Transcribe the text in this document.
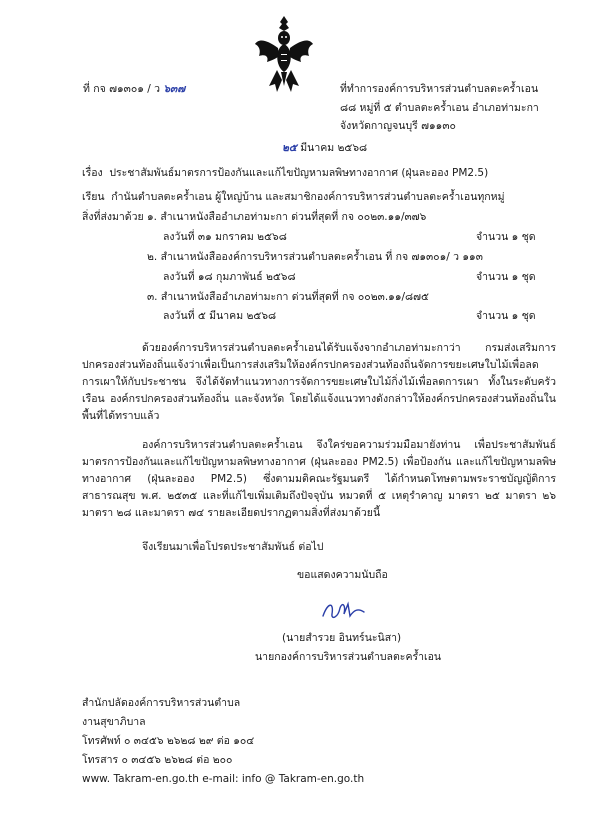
ที่ กจ ๗๑๓๐๑ / ว ๖๓๗	ที่ทำการองค์การบริหารส่วนตำบลตะคร้ำเอน
๘๘ หมู่ที่ ๕ ตำบลตะคร้ำเอน อำเภอท่ามะกา
จังหวัดกาญจนบุรี ๗๑๑๓๐
๒๕ มีนาคม ๒๕๖๘
เรื่อง ประชาสัมพันธ์มาตรการป้องกันและแก้ไขปัญหามลพิษทางอากาศ (ฝุ่นละออง PM2.5)
เรียน กำนันตำบลตะคร้ำเอน ผู้ใหญ่บ้าน และสมาชิกองค์การบริหารส่วนตำบลตะคร้ำเอนทุกหมู่
สิ่งที่ส่งมาด้วย ๑. สำเนาหนังสืออำเภอท่ามะกา ด่วนที่สุดที่ กจ ๐๐๒๓.๑๑/๓๗๖
ลงวันที่ ๓๑ มกราคม ๒๕๖๘	จำนวน ๑ ชุด
๒. สำเนาหนังสือองค์การบริหารส่วนตำบลตะคร้ำเอน ที่ กจ ๗๑๓๐๑/ ว ๑๑๓
ลงวันที่ ๑๘ กุมภาพันธ์ ๒๕๖๘	จำนวน ๑ ชุด
๓. สำเนาหนังสืออำเภอท่ามะกา ด่วนที่สุดที่ กจ ๐๐๒๓.๑๑/๘๗๕
ลงวันที่ ๕ มีนาคม ๒๕๖๘	จำนวน ๑ ชุด
ด้วยองค์การบริหารส่วนตำบลตะคร้ำเอนได้รับแจ้งจากอำเภอท่ามะกาว่า กรมส่งเสริมการปกครองส่วนท้องถิ่นแจ้งว่าเพื่อเป็นการส่งเสริมให้องค์กรปกครองส่วนท้องถิ่นจัดการขยะเศษใบไม้เพื่อลดการเผาให้กับประชาชน จึงได้จัดทำแนวทางการจัดการขยะเศษใบไม้กิ่งไม้เพื่อลดการเผา ทั้งในระดับครัวเรือน องค์กรปกครองส่วนท้องถิ่น และจังหวัด โดยได้แจ้งแนวทางดังกล่าวให้องค์กรปกครองส่วนท้องถิ่นในพื้นที่ได้ทราบแล้ว
องค์การบริหารส่วนตำบลตะคร้ำเอน จึงใคร่ขอความร่วมมือมายังท่าน เพื่อประชาสัมพันธ์มาตรการป้องกันและแก้ไขปัญหามลพิษทางอากาศ (ฝุ่นละออง PM2.5) เพื่อป้องกัน และแก้ไขปัญหามลพิษทางอากาศ (ฝุ่นละออง PM2.5) ซึ่งตามมติคณะรัฐมนตรี ได้กำหนดโทษตามพระราชบัญญัติการสาธารณสุข พ.ศ. ๒๕๓๕ และที่แก้ไขเพิ่มเติมถึงปัจจุบัน หมวดที่ ๕ เหตุรำคาญ มาตรา ๒๕ มาตรา ๒๖ มาตรา ๒๘ และมาตรา ๗๔ รายละเอียดปรากฏตามสิ่งที่ส่งมาด้วยนี้
จึงเรียนมาเพื่อโปรดประชาสัมพันธ์ ต่อไป
ขอแสดงความนับถือ
(นายสำรวย อินทร์นะนิสา)
นายกองค์การบริหารส่วนตำบลตะคร้ำเอน
สำนักปลัดองค์การบริหารส่วนตำบล
งานสุขาภิบาล
โทรศัพท์ ๐ ๓๔๕๖ ๒๖๒๘ ๒๙ ต่อ ๑๐๔
โทรสาร ๐ ๓๔๕๖ ๒๖๒๘ ต่อ ๒๐๐
www. Takram-en.go.th e-mail: info @ Takram-en.go.th
